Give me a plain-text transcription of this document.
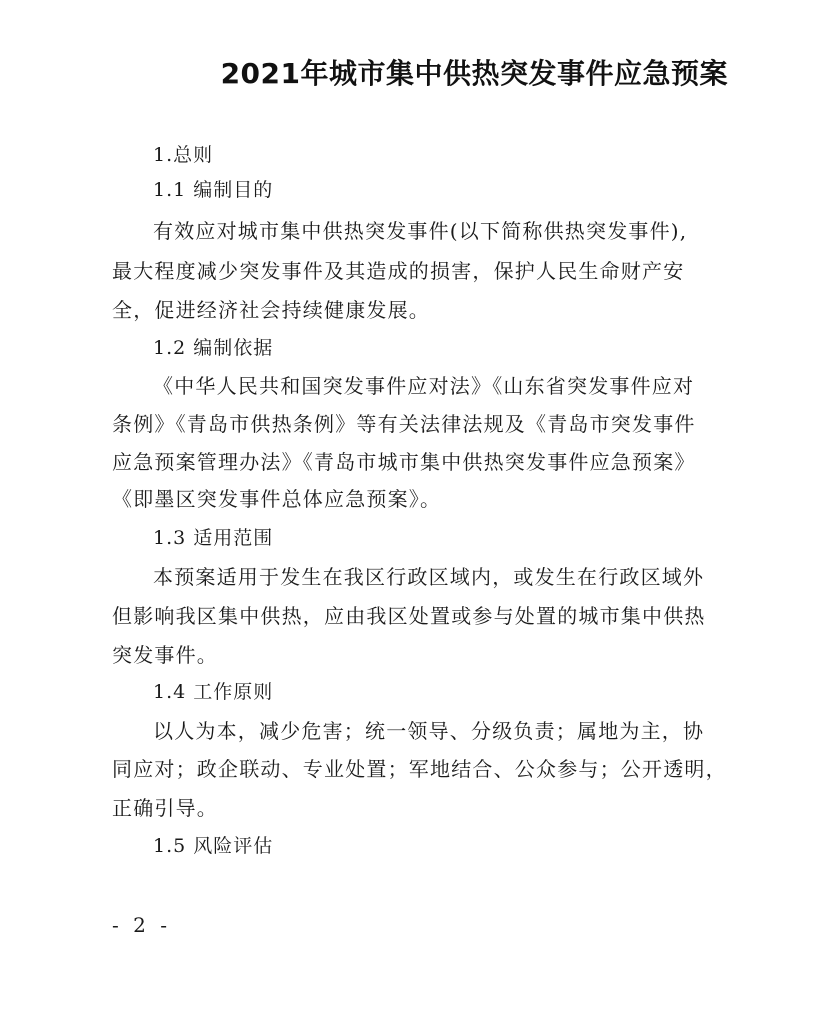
2021年城市集中供热突发事件应急预案
1.总则
1.1 编制目的
有效应对城市集中供热突发事件(以下简称供热突发事件),
最大程度减少突发事件及其造成的损害，保护人民生命财产安
全，促进经济社会持续健康发展。
1.2 编制依据
《中华人民共和国突发事件应对法》《山东省突发事件应对
条例》《青岛市供热条例》等有关法律法规及《青岛市突发事件
应急预案管理办法》《青岛市城市集中供热突发事件应急预案》
《即墨区突发事件总体应急预案》。
1.3 适用范围
本预案适用于发生在我区行政区域内，或发生在行政区域外
但影响我区集中供热，应由我区处置或参与处置的城市集中供热
突发事件。
1.4 工作原则
以人为本，减少危害；统一领导、分级负责；属地为主，协
同应对；政企联动、专业处置；军地结合、公众参与；公开透明，
正确引导。
1.5 风险评估
- 2 -
